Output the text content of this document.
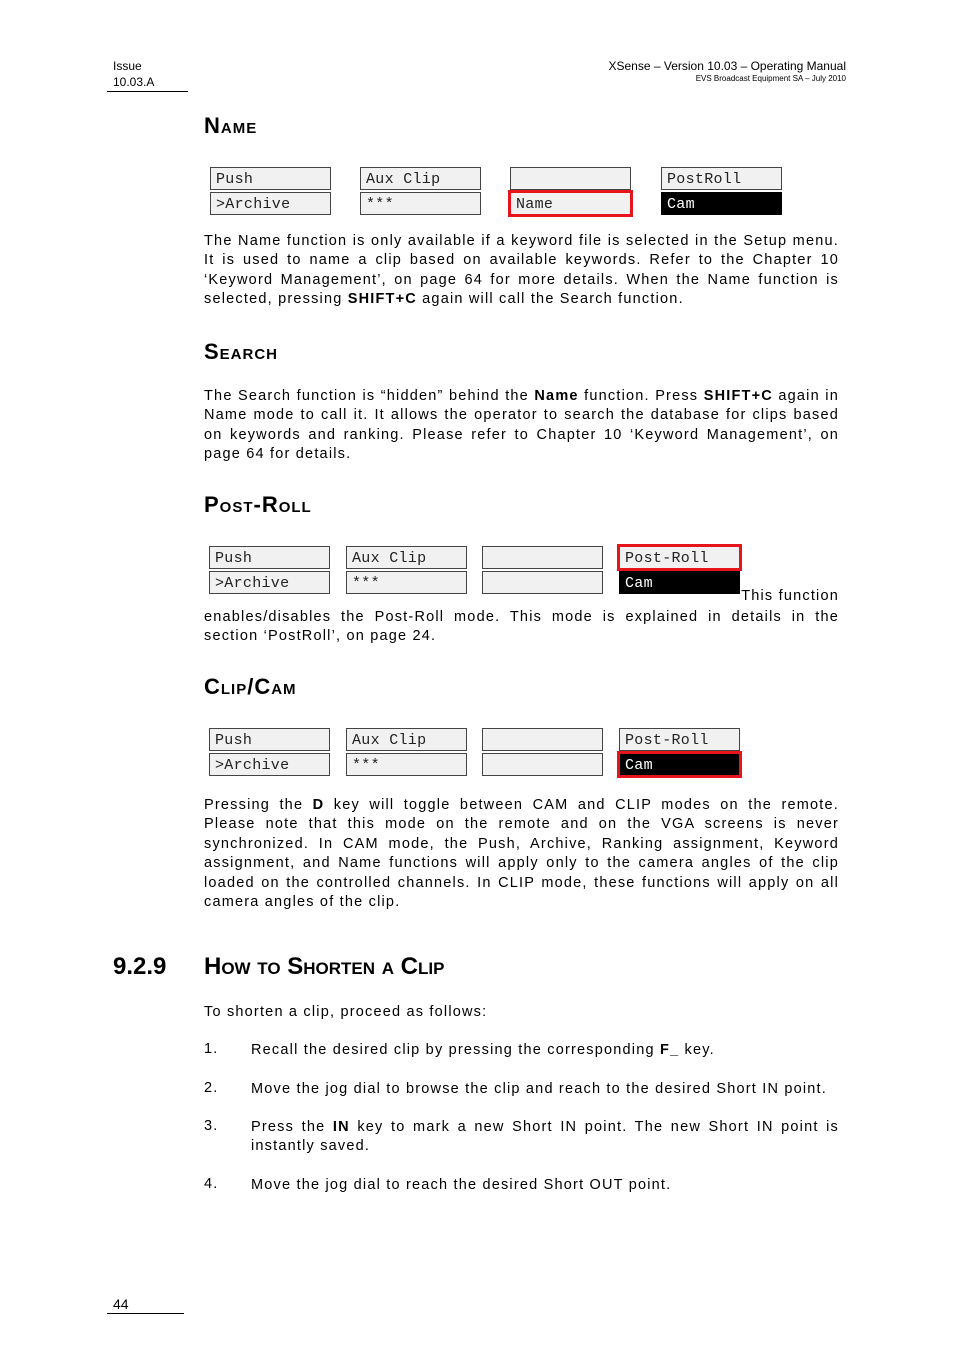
Issue
10.03.A
XSense – Version 10.03 – Operating Manual
EVS Broadcast Equipment SA – July 2010
Name
Push
>Archive
Aux Clip
***	Name
PostRoll
Cam
The Name function is only available if a keyword file is selected in the Setup menu. It is used to name a clip based on available keywords. Refer to the Chapter 10 ‘Keyword Management’, on page 64 for more details. When the Name function is selected, pressing SHIFT+C again will call the Search function.
Search
The Search function is “hidden” behind the Name function. Press SHIFT+C again in Name mode to call it. It allows the operator to search the database for clips based on keywords and ranking. Please refer to Chapter 10 ‘Keyword Management’, on page 64 for details.
Post-Roll
Push
>Archive
Aux Clip
***
Post-Roll
Cam
This function
enables/disables the Post-Roll mode. This mode is explained in details in the section ‘PostRoll’, on page 24.
Clip/Cam
Push
>Archive
Aux Clip
***
Post-Roll
Cam
Pressing the D key will toggle between CAM and CLIP modes on the remote. Please note that this mode on the remote and on the VGA screens is never synchronized. In CAM mode, the Push, Archive, Ranking assignment, Keyword assignment, and Name functions will apply only to the camera angles of the clip loaded on the controlled channels. In CLIP mode, these functions will apply on all camera angles of the clip.
9.2.9 How to Shorten a Clip
To shorten a clip, proceed as follows:
1. Recall the desired clip by pressing the corresponding F_ key.
2. Move the jog dial to browse the clip and reach to the desired Short IN point.
3. Press the IN key to mark a new Short IN point. The new Short IN point is instantly saved.
4. Move the jog dial to reach the desired Short OUT point.
44
